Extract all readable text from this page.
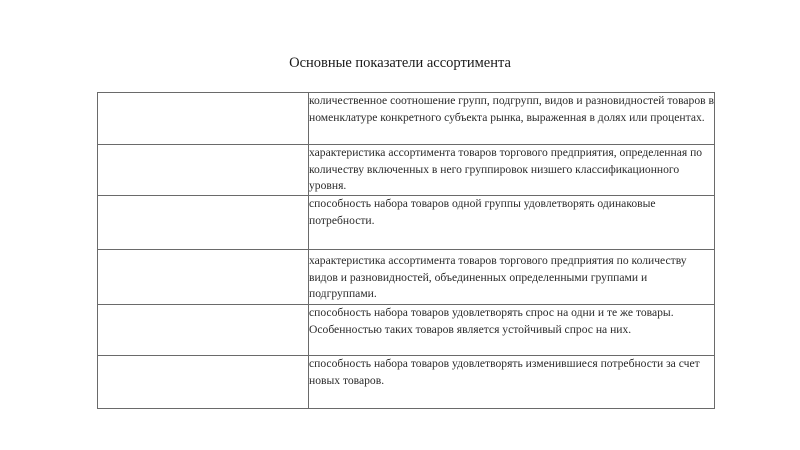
Основные показатели ассортимента
	количественное соотношение групп, подгрупп, видов и разновидностей товаров в номенклатуре конкретного субъекта рынка, выраженная в долях или процентах.
	характеристика ассортимента товаров торгового предприятия, определенная по количеству включенных в него группировок низшего классификационного уровня.
	способность набора товаров одной группы удовлетворять одинаковые потребности.
	характеристика ассортимента товаров торгового предприятия по количеству видов и разновидностей, объединенных определенными группами и подгруппами.
	способность набора товаров удовлетворять спрос на одни и те же товары. Особенностью таких товаров является устойчивый спрос на них.
	способность набора товаров удовлетворять изменившиеся потребности за счет новых товаров.
